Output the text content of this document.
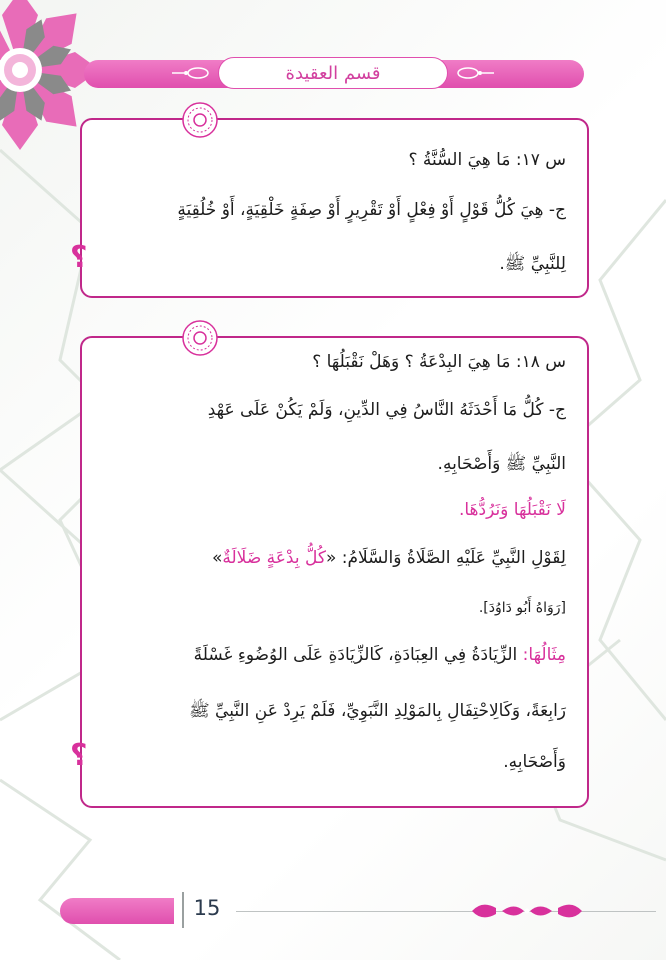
قسم العقيدة
س ١٧: مَا هِيَ السُّنَّةُ ؟
ج- هِيَ كُلُّ قَوْلٍ أَوْ فِعْلٍ أَوْ تَقْرِيرٍ أَوْ صِفَةٍ خَلْقِيَةٍ، أَوْ خُلُقِيَةٍ
لِلنَّبِيِّ ﷺ.
؟
س ١٨: مَا هِيَ البِدْعَةُ ؟ وَهَلْ نَقْبَلُهَا ؟
ج- كُلُّ مَا أَحْدَثَهُ النَّاسُ فِي الدِّينِ، وَلَمْ يَكُنْ عَلَى عَهْدِ
النَّبِيِّ ﷺ وَأَصْحَابِهِ.
لَا نَقْبَلُهَا وَنَرُدُّهَا.
لِقَوْلِ النَّبِيِّ عَلَيْهِ الصَّلَاةُ وَالسَّلَامُ: «كُلُّ بِدْعَةٍ ضَلَالَةٌ»
[رَوَاهُ أَبُو دَاوُدَ].
مِثَالُهَا: الزِّيَادَةُ فِي العِبَادَةِ، كَالزِّيَادَةِ عَلَى الوُضُوءِ غَسْلَةً
رَابِعَةً، وَكَالِاحْتِفَالِ بِالمَوْلِدِ النَّبَوِيِّ، فَلَمْ يَرِدْ عَنِ النَّبِيِّ ﷺ
وَأَصْحَابِهِ.
؟
15
